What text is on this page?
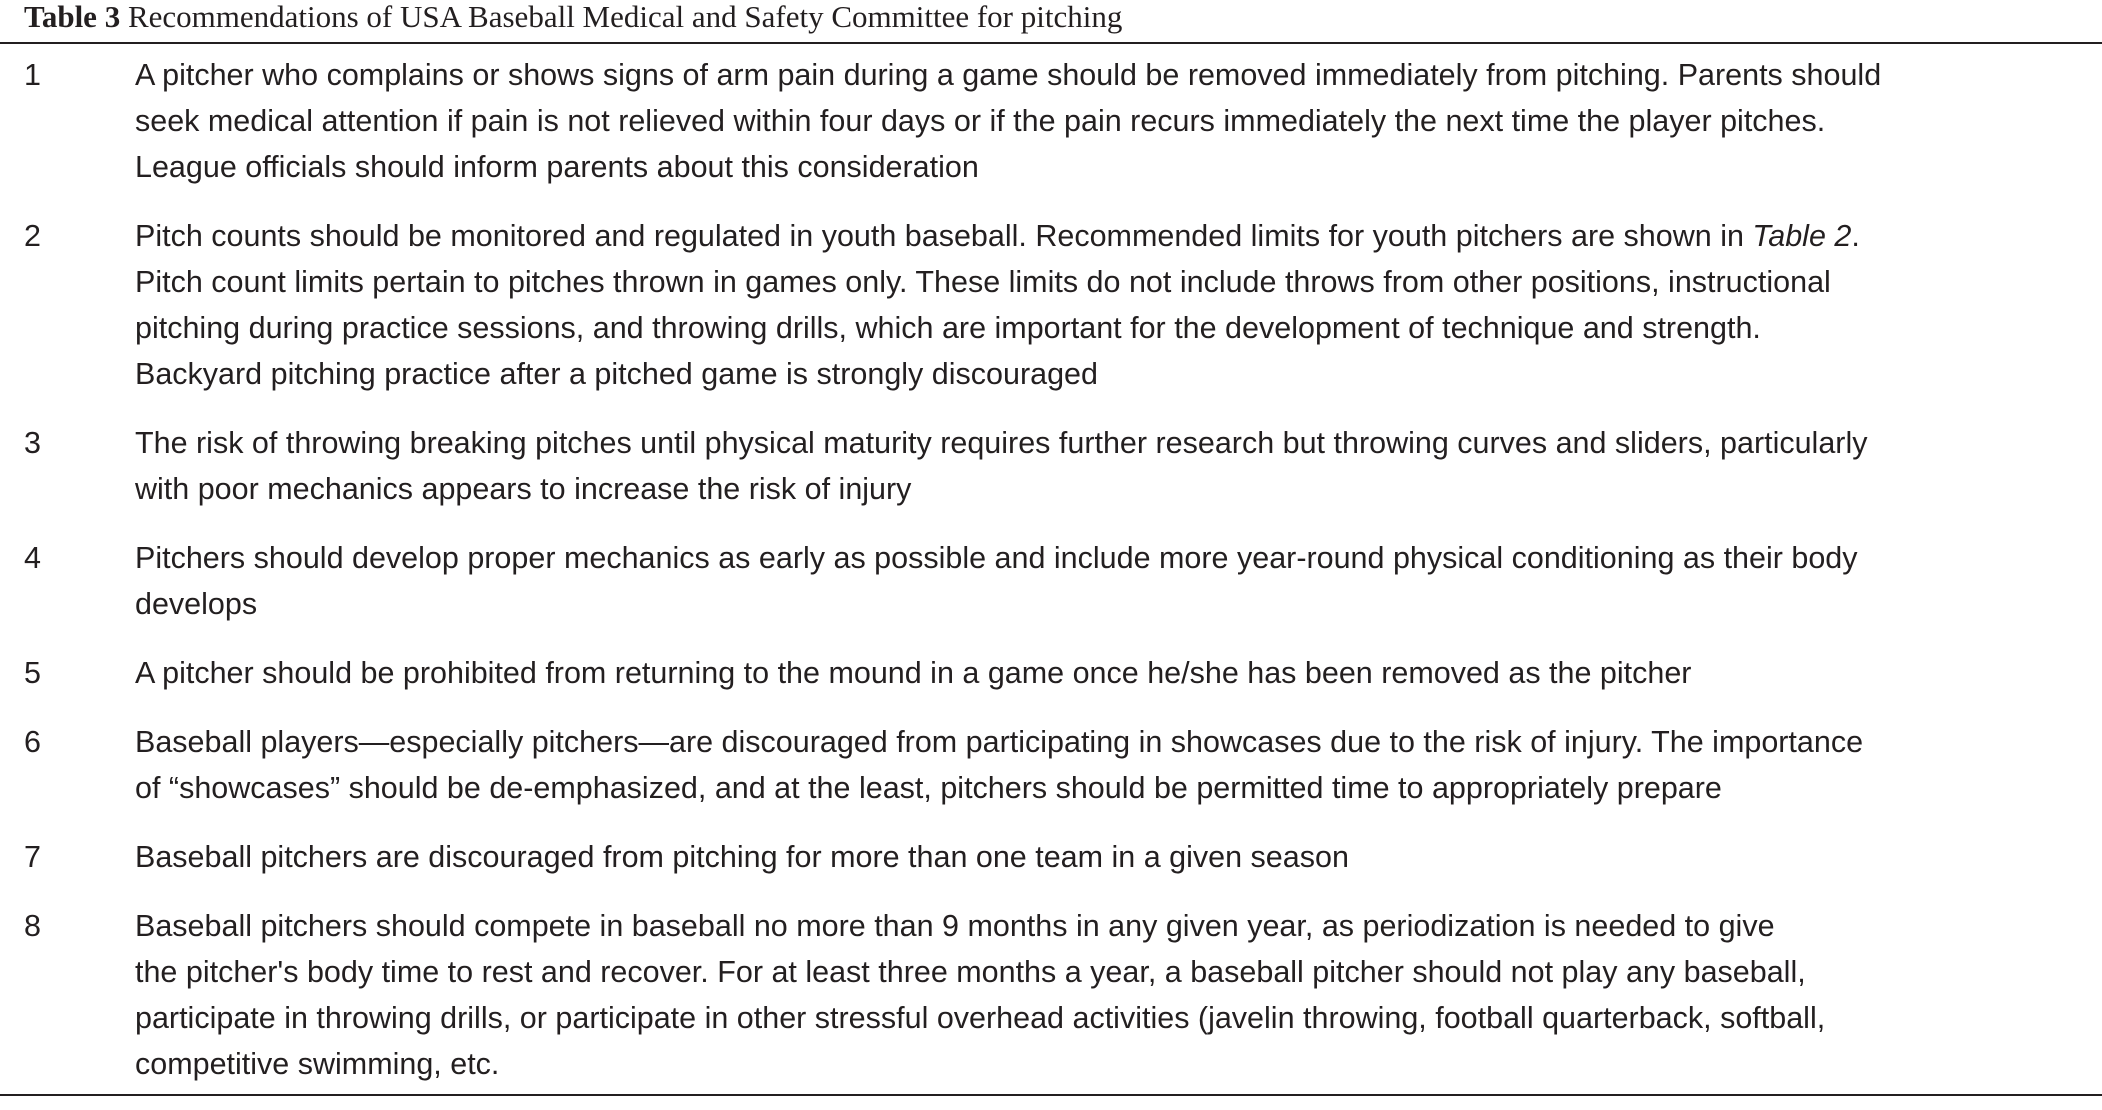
Table 3 Recommendations of USA Baseball Medical and Safety Committee for pitching
1	A pitcher who complains or shows signs of arm pain during a game should be removed immediately from pitching. Parents should
seek medical attention if pain is not relieved within four days or if the pain recurs immediately the next time the player pitches.
League officials should inform parents about this consideration
2	Pitch counts should be monitored and regulated in youth baseball. Recommended limits for youth pitchers are shown in Table 2.
Pitch count limits pertain to pitches thrown in games only. These limits do not include throws from other positions, instructional
pitching during practice sessions, and throwing drills, which are important for the development of technique and strength.
Backyard pitching practice after a pitched game is strongly discouraged
3	The risk of throwing breaking pitches until physical maturity requires further research but throwing curves and sliders, particularly
with poor mechanics appears to increase the risk of injury
4	Pitchers should develop proper mechanics as early as possible and include more year-round physical conditioning as their body
develops
5	A pitcher should be prohibited from returning to the mound in a game once he/she has been removed as the pitcher
6	Baseball players—especially pitchers—are discouraged from participating in showcases due to the risk of injury. The importance
of “showcases” should be de-emphasized, and at the least, pitchers should be permitted time to appropriately prepare
7	Baseball pitchers are discouraged from pitching for more than one team in a given season
8	Baseball pitchers should compete in baseball no more than 9 months in any given year, as periodization is needed to give
the pitcher's body time to rest and recover. For at least three months a year, a baseball pitcher should not play any baseball,
participate in throwing drills, or participate in other stressful overhead activities (javelin throwing, football quarterback, softball,
competitive swimming, etc.
